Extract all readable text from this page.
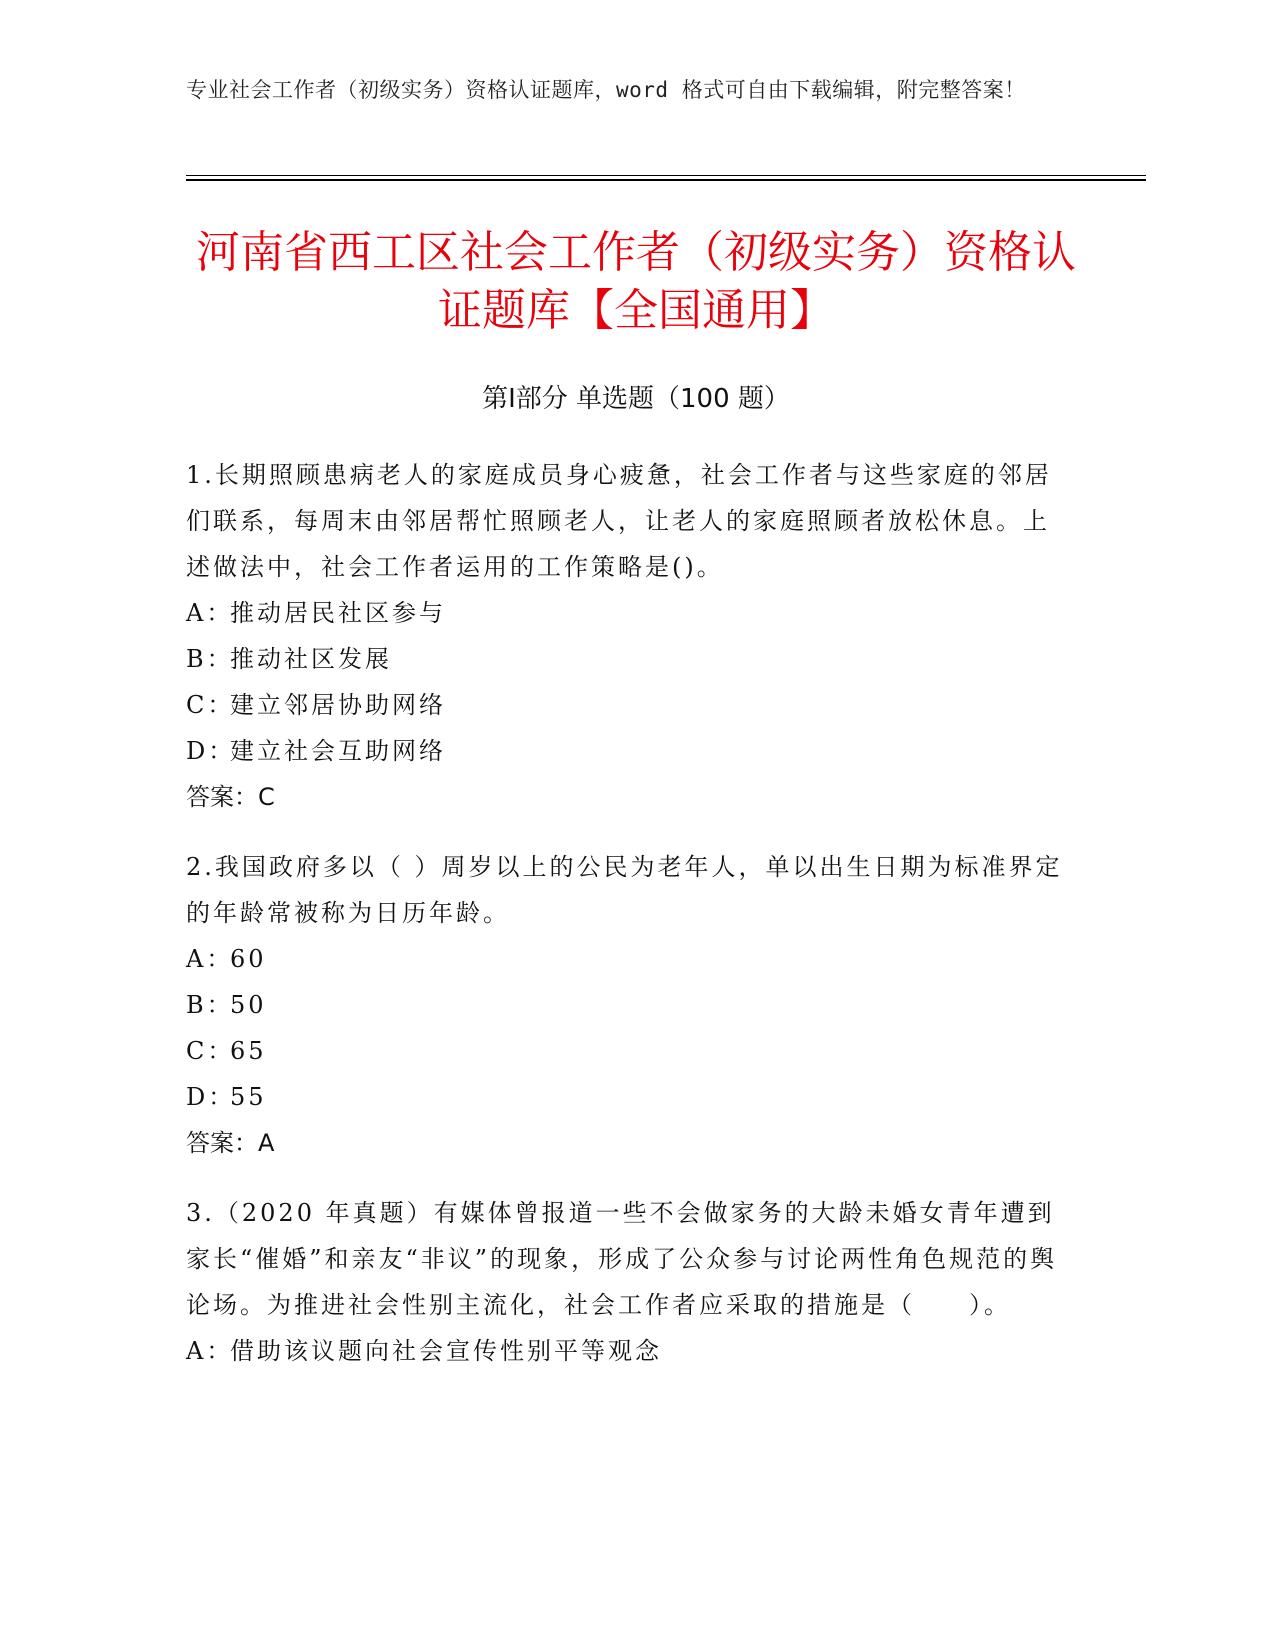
专业社会工作者（初级实务）资格认证题库，word 格式可自由下载编辑，附完整答案！
河南省西工区社会工作者（初级实务）资格认证题库【全国通用】
第Ⅰ部分 单选题（100 题）
1.长期照顾患病老人的家庭成员身心疲惫，社会工作者与这些家庭的邻居们联系，每周末由邻居帮忙照顾老人，让老人的家庭照顾者放松休息。上述做法中，社会工作者运用的工作策略是()。
A：推动居民社区参与
B：推动社区发展
C：建立邻居协助网络
D：建立社会互助网络
答案：C
2.我国政府多以（ ）周岁以上的公民为老年人，单以出生日期为标准界定的年龄常被称为日历年龄。
A：60
B：50
C：65
D：55
答案：A
3.（2020 年真题）有媒体曾报道一些不会做家务的大龄未婚女青年遭到家长“催婚”和亲友“非议”的现象，形成了公众参与讨论两性角色规范的舆论场。为推进社会性别主流化，社会工作者应采取的措施是（　　）。
A：借助该议题向社会宣传性别平等观念
